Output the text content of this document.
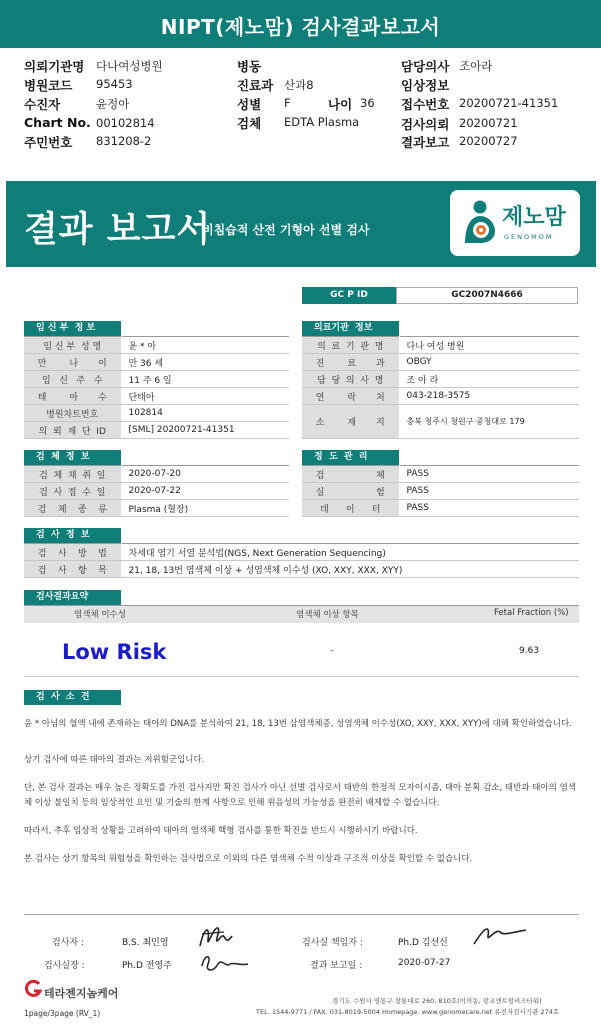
NIPT(제노맘) 검사결과보고서
의뢰기관명 다나여성병원
병원코드 95453
수진자	윤정아
Chart No. 00102814
주민번호 831208-2
병동
진료과 산과8
성별 F	나이 36
검체 EDTA Plasma
담당의사 조아라
임상정보
접수번호 20200721-41351
검사의뢰 20200721
결과보고 20200727
결과 보고서
비침습적 산전 기형아 선별 검사	제노맘
GENOMOM
GC P ID	GC2007N4666
임 신 부  정 보
임 신 부  성 명	윤 * 아
만        나       이	만 36 세
임   신   주   수	11 주 6 일
태        아       수	단태아
병원차트번호	102814
의  뢰  재  단  ID	[SML] 20200721-41351
의료기관  정보
의  료  기  관  명	다나 여성 병원
진        료       과	OBGY
담  당  의  사  명	조 아 라
연        락       처	043-218-3575
소        재       지	충북 청주시 청원구 중청대로 179
검  체  정  보
검  체  채  취  일	2020-07-20
검  사  접  수  일	2020-07-22
검    체    종    류	Plasma (혈장)
정  도  관  리
검                  체	PASS
실                  험	PASS
데      이      터	PASS
검  사  정  보
검    사    방    법	차세대 염기 서열 분석법(NGS, Next Generation Sequencing)
검    사    항    목	21, 18, 13번 염색체 이상 + 성염색체 이수성 (XO, XXY, XXX, XYY)
검사결과요약
염색체 이수성	염색체 이상 항목	Fetal Fraction (%)
Low Risk	-	9.63
검  사  소  견
윤 * 아님의 혈액 내에 존재하는 태아의 DNA를 분석하여 21, 18, 13번 삼염색체증, 성염색체 이수성(XO, XXY, XXX, XYY)에 대해 확인하였습니다.
상기 검사에 따른 태아의 결과는 저위험군입니다.
단, 본 검사 결과는 매우 높은 정확도를 가진 검사지만 확진 검사가 아닌 선별 검사로서 태반의 한정적 모자이시즘, 태아 분획 감소, 태반과 태아의 염색체 이상 불일치 등의 임상적인 요인 및 기술의 한계 사항으로 인해 위음성의 가능성을 완전히 배제할 수 없습니다.
따라서, 추후 임상적 상황을 고려하여 태아의 염색체 핵형 검사를 통한 확진을 반드시 시행하시기 바랍니다.
본 검사는 상기 항목의 위험성을 확인하는 검사법으로 이외의 다른 염색체 수적 이상과 구조적 이상을 확인할 수 없습니다.
검사자 :	B.S. 최민영	검사실 책임자 :	Ph.D 김선신
검사실장 :	Ph.D 전영주	결과 보고일 :	2020-07-27
테라젠지놈케어
경기도 수원시 영통구 창룡대로 260, 810호(이의동, 광교센트럴비즈타워)
TEL. 1544-9771 / FAX. 031-8019-5004 Homepage. www.genomecare.net 유전자검사기관 274호
1page/3page (RV_1)
